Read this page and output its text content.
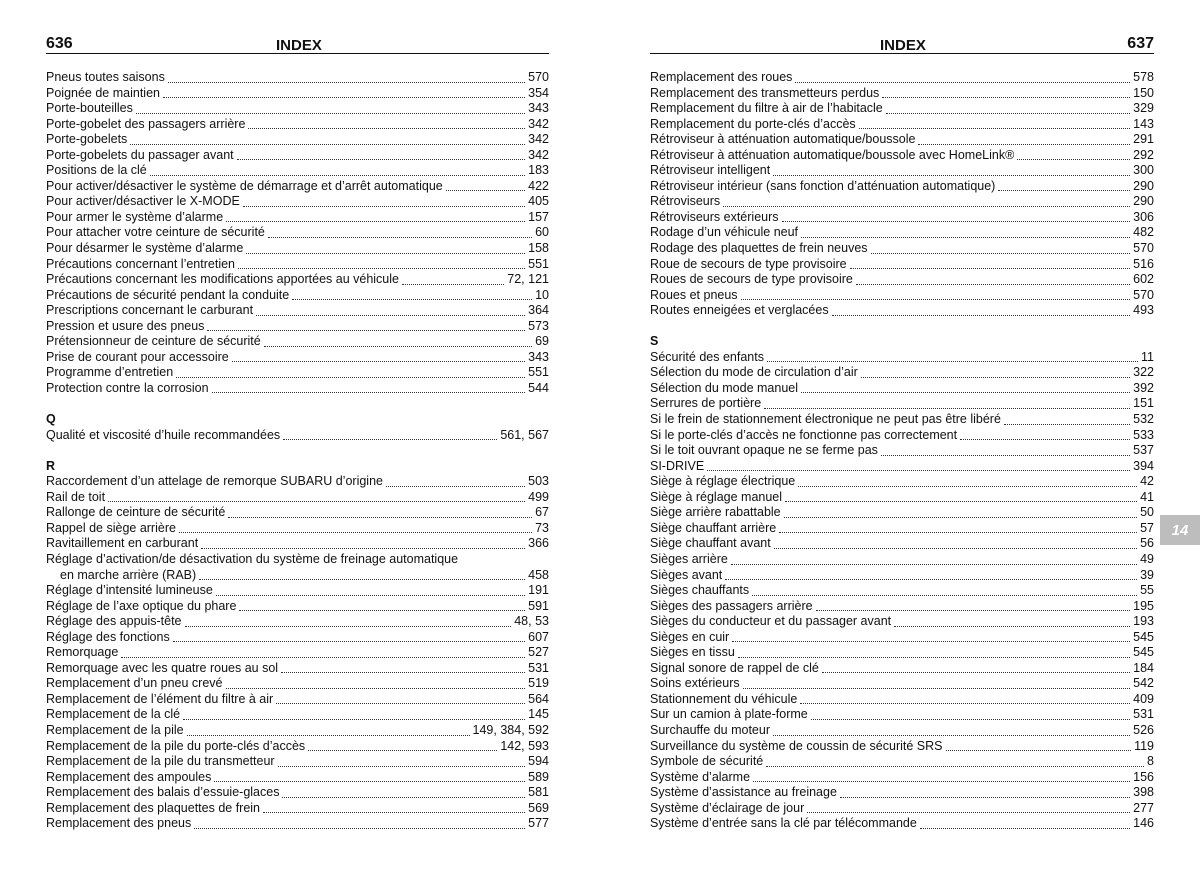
636	INDEX
Pneus toutes saisons	570
Poignée de maintien	354
Porte-bouteilles	343
Porte-gobelet des passagers arrière	342
Porte-gobelets	342
Porte-gobelets du passager avant	342
Positions de la clé	183
Pour activer/désactiver le système de démarrage et d’arrêt automatique	422
Pour activer/désactiver le X-MODE	405
Pour armer le système d’alarme	157
Pour attacher votre ceinture de sécurité	60
Pour désarmer le système d’alarme	158
Précautions concernant l’entretien	551
Précautions concernant les modifications apportées au véhicule	72, 121
Précautions de sécurité pendant la conduite	10
Prescriptions concernant le carburant	364
Pression et usure des pneus	573
Prétensionneur de ceinture de sécurité	69
Prise de courant pour accessoire	343
Programme d’entretien	551
Protection contre la corrosion	544
Q
Qualité et viscosité d’huile recommandées	561, 567
R
Raccordement d’un attelage de remorque SUBARU d’origine	503
Rail de toit	499
Rallonge de ceinture de sécurité	67
Rappel de siège arrière	73
Ravitaillement en carburant	366
Réglage d’activation/de désactivation du système de freinage automatique
en marche arrière (RAB)	458
Réglage d’intensité lumineuse	191
Réglage de l’axe optique du phare	591
Réglage des appuis-tête	48, 53
Réglage des fonctions	607
Remorquage	527
Remorquage avec les quatre roues au sol	531
Remplacement d’un pneu crevé	519
Remplacement de l’élément du filtre à air	564
Remplacement de la clé	145
Remplacement de la pile	149, 384, 592
Remplacement de la pile du porte-clés d’accès	142, 593
Remplacement de la pile du transmetteur	594
Remplacement des ampoules	589
Remplacement des balais d’essuie-glaces	581
Remplacement des plaquettes de frein	569
Remplacement des pneus	577
INDEX	637
Remplacement des roues	578
Remplacement des transmetteurs perdus	150
Remplacement du filtre à air de l’habitacle	329
Remplacement du porte-clés d’accès	143
Rétroviseur à atténuation automatique/boussole	291
Rétroviseur à atténuation automatique/boussole avec HomeLink®	292
Rétroviseur intelligent	300
Rétroviseur intérieur (sans fonction d’atténuation automatique)	290
Rétroviseurs	290
Rétroviseurs extérieurs	306
Rodage d’un véhicule neuf	482
Rodage des plaquettes de frein neuves	570
Roue de secours de type provisoire	516
Roues de secours de type provisoire	602
Roues et pneus	570
Routes enneigées et verglacées	493
S
Sécurité des enfants	11
Sélection du mode de circulation d’air	322
Sélection du mode manuel	392
Serrures de portière	151
Si le frein de stationnement électronique ne peut pas être libéré	532
Si le porte-clés d’accès ne fonctionne pas correctement	533
Si le toit ouvrant opaque ne se ferme pas	537
SI-DRIVE	394
Siège à réglage électrique	42
Siège à réglage manuel	41
Siège arrière rabattable	50
Siège chauffant arrière	57
Siège chauffant avant	56
Sièges arrière	49
Sièges avant	39
Sièges chauffants	55
Sièges des passagers arrière	195
Sièges du conducteur et du passager avant	193
Sièges en cuir	545
Sièges en tissu	545
Signal sonore de rappel de clé	184
Soins extérieurs	542
Stationnement du véhicule	409
Sur un camion à plate-forme	531
Surchauffe du moteur	526
Surveillance du système de coussin de sécurité SRS	119
Symbole de sécurité	8
Système d’alarme	156
Système d’assistance au freinage	398
Système d’éclairage de jour	277
Système d’entrée sans la clé par télécommande	146
14
